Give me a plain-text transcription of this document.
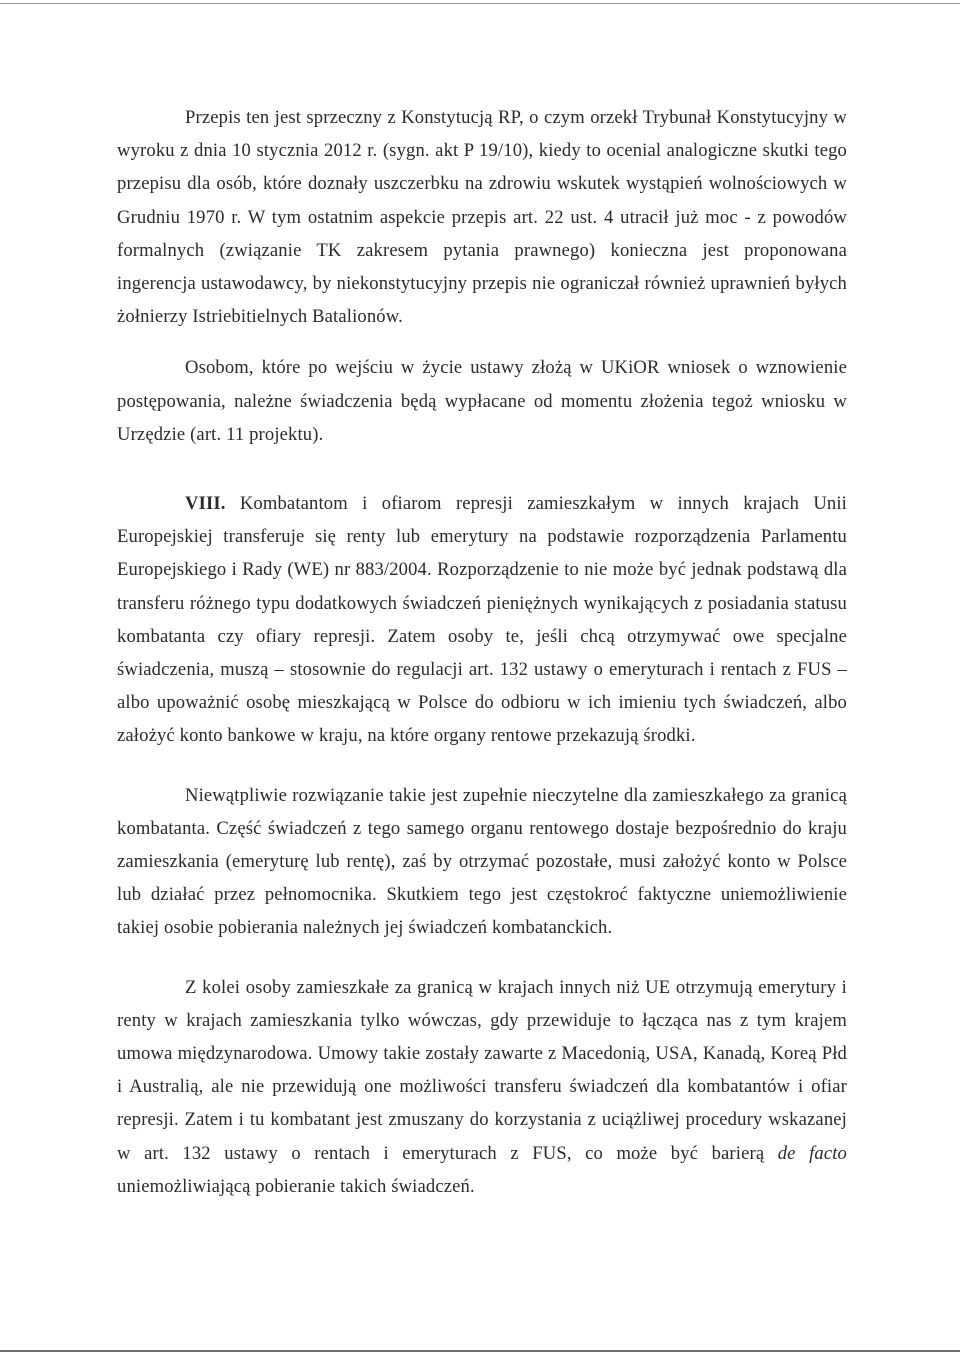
Przepis ten jest sprzeczny z Konstytucją RP, o czym orzekł Trybunał Konstytucyjny w wyroku z dnia 10 stycznia 2012 r. (sygn. akt P 19/10), kiedy to ocenial analogiczne skutki tego przepisu dla osób, które doznały uszczerbku na zdrowiu wskutek wystąpień wolnościowych w Grudniu 1970 r. W tym ostatnim aspekcie przepis art. 22 ust. 4 utracił już moc - z powodów formalnych (związanie TK zakresem pytania prawnego) konieczna jest proponowana ingerencja ustawodawcy, by niekonstytucyjny przepis nie ograniczał również uprawnień byłych żołnierzy Istriebitielnych Batalionów.

Osobom, które po wejściu w życie ustawy złożą w UKiOR wniosek o wznowienie postępowania, należne świadczenia będą wypłacane od momentu złożenia tegoż wniosku w Urzędzie (art. 11 projektu).

VIII. Kombatantom i ofiarom represji zamieszkałym w innych krajach Unii Europejskiej transferuje się renty lub emerytury na podstawie rozporządzenia Parlamentu Europejskiego i Rady (WE) nr 883/2004. Rozporządzenie to nie może być jednak podstawą dla transferu różnego typu dodatkowych świadczeń pieniężnych wynikających z posiadania statusu kombatanta czy ofiary represji. Zatem osoby te, jeśli chcą otrzymywać owe specjalne świadczenia, muszą – stosownie do regulacji art. 132 ustawy o emeryturach i rentach z FUS – albo upoważnić osobę mieszkającą w Polsce do odbioru w ich imieniu tych świadczeń, albo założyć konto bankowe w kraju, na które organy rentowe przekazują środki.

Niewątpliwie rozwiązanie takie jest zupełnie nieczytelne dla zamieszkałego za granicą kombatanta. Część świadczeń z tego samego organu rentowego dostaje bezpośrednio do kraju zamieszkania (emeryturę lub rentę), zaś by otrzymać pozostałe, musi założyć konto w Polsce lub działać przez pełnomocnika. Skutkiem tego jest częstokroć faktyczne uniemożliwienie takiej osobie pobierania należnych jej świadczeń kombatanckich.

Z kolei osoby zamieszkałe za granicą w krajach innych niż UE otrzymują emerytury i renty w krajach zamieszkania tylko wówczas, gdy przewiduje to łącząca nas z tym krajem umowa międzynarodowa. Umowy takie zostały zawarte z Macedonią, USA, Kanadą, Koreą Płd i Australią, ale nie przewidują one możliwości transferu świadczeń dla kombatantów i ofiar represji. Zatem i tu kombatant jest zmuszany do korzystania z uciążliwej procedury wskazanej w art. 132 ustawy o rentach i emeryturach z FUS, co może być barierą de facto uniemożliwiającą pobieranie takich świadczeń.
